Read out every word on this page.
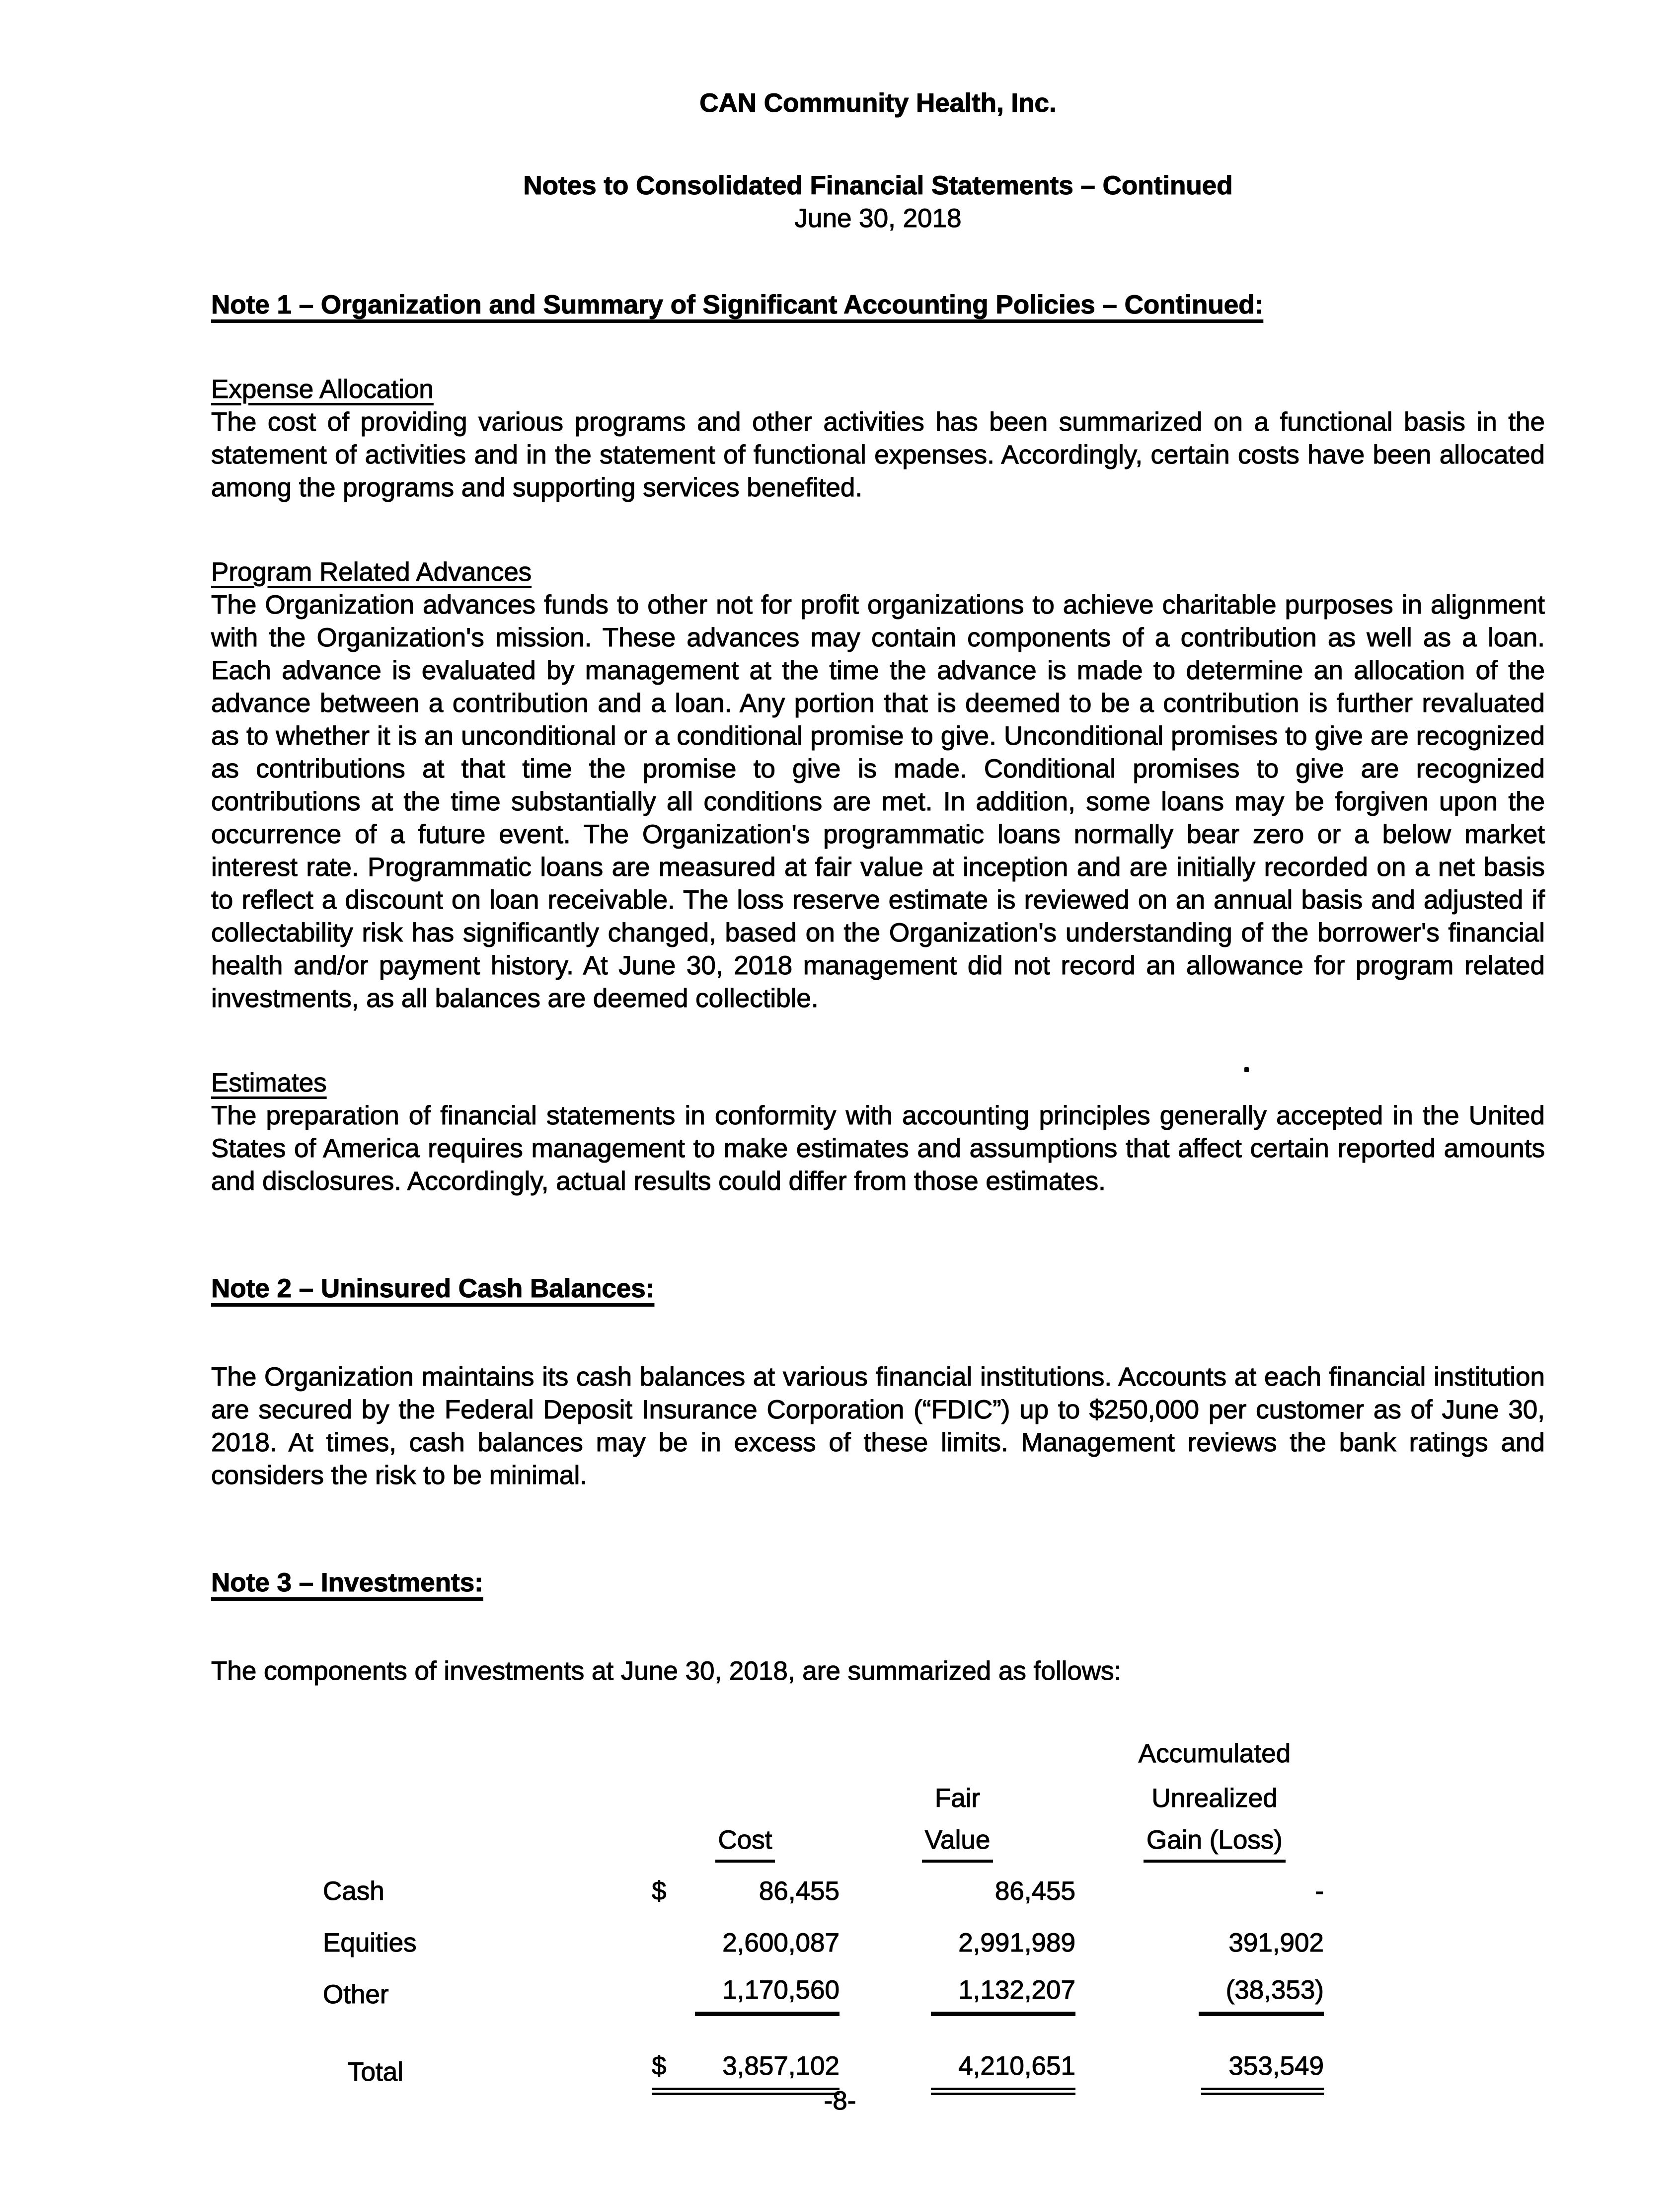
CAN Community Health, Inc.
Notes to Consolidated Financial Statements – Continued
June 30, 2018
Note 1 – Organization and Summary of Significant Accounting Policies – Continued:
Expense Allocation

The cost of providing various programs and other activities has been summarized on a functional basis in the statement of activities and in the statement of functional expenses. Accordingly, certain costs have been allocated among the programs and supporting services benefited.

Program Related Advances

The Organization advances funds to other not for profit organizations to achieve charitable purposes in alignment with the Organization's mission. These advances may contain components of a contribution as well as a loan. Each advance is evaluated by management at the time the advance is made to determine an allocation of the advance between a contribution and a loan. Any portion that is deemed to be a contribution is further revaluated as to whether it is an unconditional or a conditional promise to give. Unconditional promises to give are recognized as contributions at that time the promise to give is made. Conditional promises to give are recognized contributions at the time substantially all conditions are met. In addition, some loans may be forgiven upon the occurrence of a future event. The Organization's programmatic loans normally bear zero or a below market interest rate. Programmatic loans are measured at fair value at inception and are initially recorded on a net basis to reflect a discount on loan receivable. The loss reserve estimate is reviewed on an annual basis and adjusted if collectability risk has significantly changed, based on the Organization's understanding of the borrower's financial health and/or payment history. At June 30, 2018 management did not record an allowance for program related investments, as all balances are deemed collectible.

Estimates

The preparation of financial statements in conformity with accounting principles generally accepted in the United States of America requires management to make estimates and assumptions that affect certain reported amounts and disclosures. Accordingly, actual results could differ from those estimates.

Note 2 – Uninsured Cash Balances:

The Organization maintains its cash balances at various financial institutions. Accounts at each financial institution are secured by the Federal Deposit Insurance Corporation (“FDIC”) up to $250,000 per customer as of June 30, 2018. At times, cash balances may be in excess of these limits. Management reviews the bank ratings and considers the risk to be minimal.

Note 3 – Investments:

The components of investments at June 30, 2018, are summarized as follows:

Accumulated
Fair	Unrealized
Cost	Value	Gain (Loss)
Cash	$	86,455	86,455	-
Equities	2,600,087	2,991,989	391,902
Other	1,170,560	1,132,207	(38,353)
Total	$ 3,857,102	4,210,651	353,549
-8-
